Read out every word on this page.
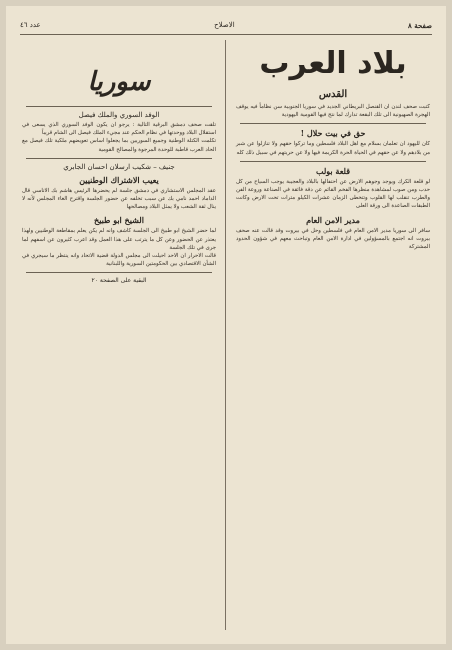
صفحة ٨
الاصلاح
عدد ٤٦
بلاد العرب
القدس
كتبت صحف لندن ان القنصل البريطاني الجديد في سوريا الجنوبية سن نظاماً فيه يوقف الهجرة الصهيونية الى تلك البقعة تدارك لما نتج فيها القومية اليهودية
حق في بيت حلال !
كان لليهود ان تعلمان بسلام مع اهل البلاد فلسطين وما تركوا حقهم ولا تنازلوا عن شبر من بلادهم ولا عن حقهم في الحياة الحرة الكريمة فيها ولا عن حريتهم في سبيل ذلك كله
قلعة بولب
لو قلعة الكرك ويوجد وجوهم الارض عن احتفالها بالبلاد والعجيبة يوجب السياح من كل حدب ومن صوب لمشاهدة منظرها الفخم القائم عن دقة فائقة في الصناعة وروعة الفن والطرب تنقلب لها القلوب وتتخطى الزمان عشرات الكيلو مترات تحت الارض وكانت الطبقات الصاعدة الى ورقة العلى
مدير الامن العام
سافر الى سوريا مدير الامن العام في فلسطين وحل في بيروت وقد قالت عنه صحف بيروت انه اجتمع بالمسؤولين في ادارة الامن العام وتباحث معهم في شؤون الحدود المشتركة
سوريا
الوفد السوري والملك فيصل
تلقت صحف دمشق البرقية التالية : يرجو ان يكون الوفد السوري الذي يسعى في استقلال البلاد ووحدتها في نظام الحكم عند مجيء الملك فيصل الى الشام قريباً
تكلمت الكتلة الوطنية وجميع السوريين بما يجعلوا اساس تعويضهم ملكية تلك فيصل مع الحاد العرب قاطبة للوحدة المرجوة والمصالح القومية
جنيف – شكيب ارسلان احسان الجابري
يعيب الاشتراك الوطنيين
عقد المجلس الاستشاري في دمشق جلسة لم يحضرها الرئيس هاشم بك الاتاسي قال الداماد احمد نامي بك عن سبب تخلفه عن حضور الجلسة واقترح الغاء المجلس لأنه لا ينال ثقة الشعب ولا يمثل البلاد ومصالحها
الشيخ ابو طبيخ
لما حضر الشيخ ابو طبيخ الى الجلسة كاشف وانه لم يكن يعلم بمقاطعة الوطنيين ولهذا يعتذر عن الحضور وعن كل ما يترتب على هذا العمل وقد اعرب كثيرون عن اسفهم لما جرى في تلك الجلسة
قالت الاحرار ان الاحد احيلت الى مجلس الدولة قضية الاتحاد وانه ينتظر ما سيجري في الشأن الاقتصادي بين الحكومتين السورية واللبنانية
البقية على الصفحة ٢٠
